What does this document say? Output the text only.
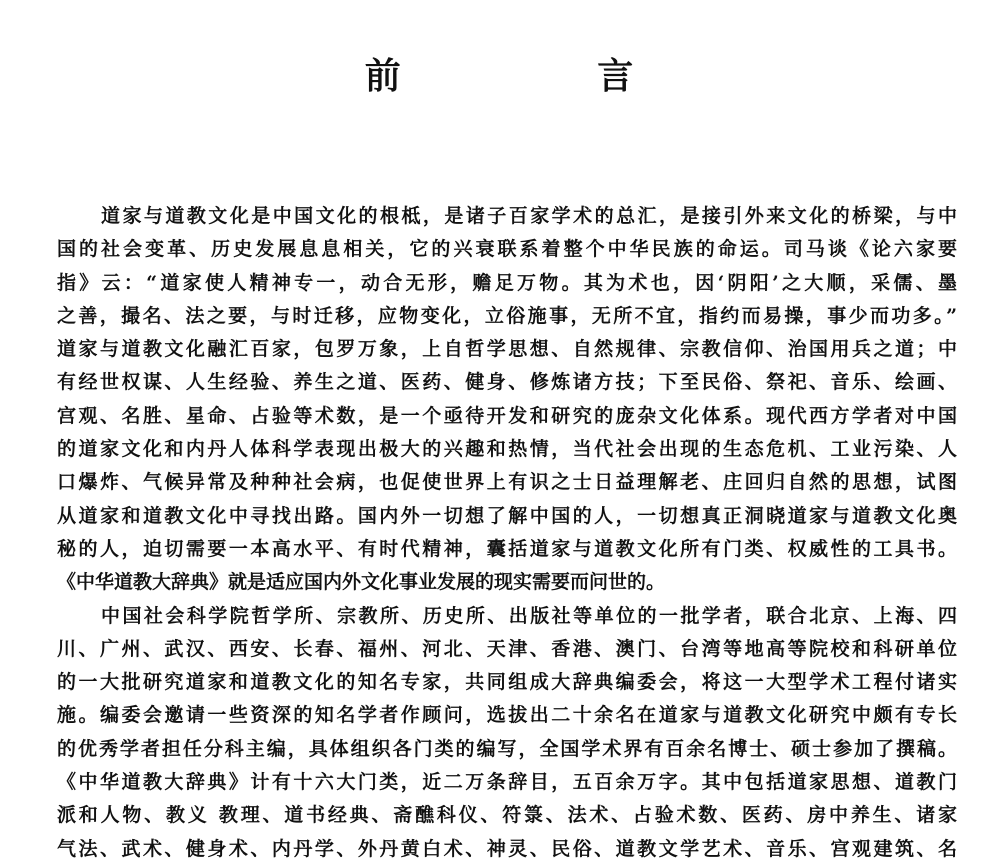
前 言
道家与道教文化是中国文化的根柢，是诸子百家学术的总汇，是接引外来文化的桥梁，与中
国的社会变革、历史发展息息相关，它的兴衰联系着整个中华民族的命运。司马谈《论六家要
指》云：“道家使人精神专一，动合无形，赡足万物。其为术也，因‘阴阳’之大顺，采儒、墨
之善，撮名、法之要，与时迁移，应物变化，立俗施事，无所不宜，指约而易操，事少而功多。”
道家与道教文化融汇百家，包罗万象，上自哲学思想、自然规律、宗教信仰、治国用兵之道；中
有经世权谋、人生经验、养生之道、医药、健身、修炼诸方技；下至民俗、祭祀、音乐、绘画、
宫观、名胜、星命、占验等术数，是一个亟待开发和研究的庞杂文化体系。现代西方学者对中国
的道家文化和内丹人体科学表现出极大的兴趣和热情，当代社会出现的生态危机、工业污染、人
口爆炸、气候异常及种种社会病，也促使世界上有识之士日益理解老、庄回归自然的思想，试图
从道家和道教文化中寻找出路。国内外一切想了解中国的人，一切想真正洞晓道家与道教文化奥
秘的人，迫切需要一本高水平、有时代精神，囊括道家与道教文化所有门类、权威性的工具书。
《中华道教大辞典》就是适应国内外文化事业发展的现实需要而问世的。
中国社会科学院哲学所、宗教所、历史所、出版社等单位的一批学者，联合北京、上海、四
川、广州、武汉、西安、长春、福州、河北、天津、香港、澳门、台湾等地高等院校和科研单位
的一大批研究道家和道教文化的知名专家，共同组成大辞典编委会，将这一大型学术工程付诸实
施。编委会邀请一些资深的知名学者作顾问，选拔出二十余名在道家与道教文化研究中颇有专长
的优秀学者担任分科主编，具体组织各门类的编写，全国学术界有百余名博士、硕士参加了撰稿。
《中华道教大辞典》计有十六大门类，近二万条辞目，五百余万字。其中包括道家思想、道教门
派和人物、教义 教理、道书经典、斋醮科仪、符箓、法术、占验术数、医药、房中养生、诸家
气法、武术、健身术、内丹学、外丹黄白术、神灵、民俗、道教文学艺术、音乐、宫观建筑、名
